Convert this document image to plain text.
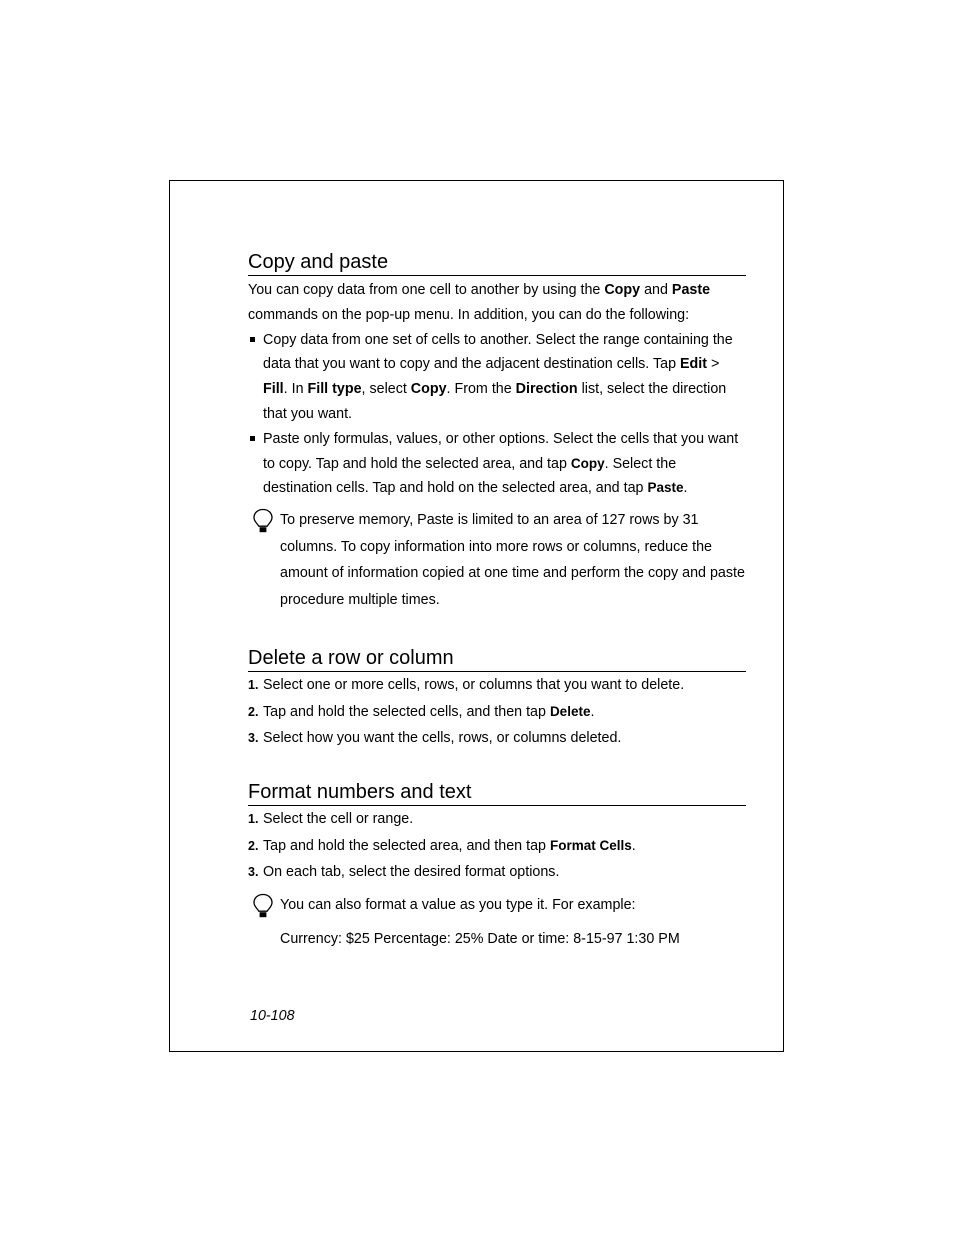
Copy and paste

You can copy data from one cell to another by using the Copy and Paste commands on the pop-up menu. In addition, you can do the following:

Copy data from one set of cells to another. Select the range containing the data that you want to copy and the adjacent destination cells. Tap Edit > Fill. In Fill type, select Copy. From the Direction list, select the direction that you want.
Paste only formulas, values, or other options. Select the cells that you want to copy. Tap and hold the selected area, and tap Copy. Select the destination cells. Tap and hold on the selected area, and tap Paste.

To preserve memory, Paste is limited to an area of 127 rows by 31 columns. To copy information into more rows or columns, reduce the amount of information copied at one time and perform the copy and paste procedure multiple times.

Delete a row or column
1. Select one or more cells, rows, or columns that you want to delete.
2. Tap and hold the selected cells, and then tap Delete.
3. Select how you want the cells, rows, or columns deleted.
Format numbers and text
1. Select the cell or range.
2. Tap and hold the selected area, and then tap Format Cells.
3. On each tab, select the desired format options.

You can also format a value as you type it. For example:

Currency: $25 Percentage: 25% Date or time: 8-15-97 1:30 PM

10-108
